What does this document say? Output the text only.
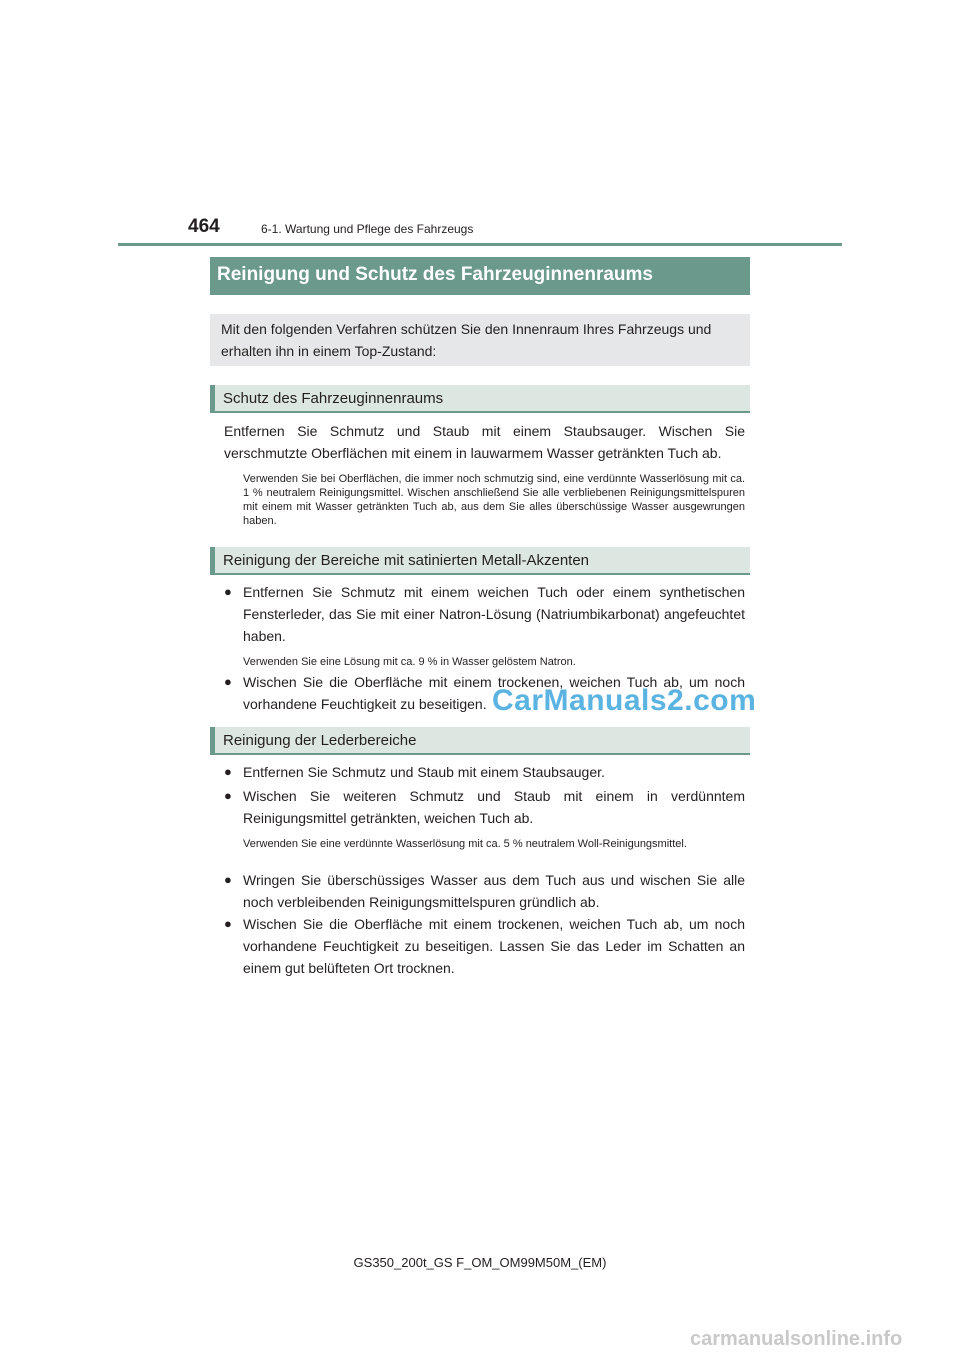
464	6-1. Wartung und Pflege des Fahrzeugs
Reinigung und Schutz des Fahrzeuginnenraums
Mit den folgenden Verfahren schützen Sie den Innenraum Ihres Fahrzeugs und erhalten ihn in einem Top-Zustand:
Schutz des Fahrzeuginnenraums
Entfernen Sie Schmutz und Staub mit einem Staubsauger. Wischen Sie verschmutzte Oberflächen mit einem in lauwarmem Wasser getränkten Tuch ab.
Verwenden Sie bei Oberflächen, die immer noch schmutzig sind, eine verdünnte Wasserlösung mit ca. 1 % neutralem Reinigungsmittel. Wischen anschließend Sie alle verbliebenen Reinigungsmittelspuren mit einem mit Wasser getränkten Tuch ab, aus dem Sie alles überschüssige Wasser ausgewrungen haben.
Reinigung der Bereiche mit satinierten Metall-Akzenten
● Entfernen Sie Schmutz mit einem weichen Tuch oder einem synthetischen Fensterleder, das Sie mit einer Natron-Lösung (Natriumbikarbonat) angefeuchtet haben.
Verwenden Sie eine Lösung mit ca. 9 % in Wasser gelöstem Natron.
● Wischen Sie die Oberfläche mit einem trockenen, weichen Tuch ab, um noch vorhandene Feuchtigkeit zu beseitigen.
Reinigung der Lederbereiche
● Entfernen Sie Schmutz und Staub mit einem Staubsauger.
● Wischen Sie weiteren Schmutz und Staub mit einem in verdünntem Reinigungsmittel getränkten, weichen Tuch ab.
Verwenden Sie eine verdünnte Wasserlösung mit ca. 5 % neutralem Woll-Reinigungsmittel.
● Wringen Sie überschüssiges Wasser aus dem Tuch aus und wischen Sie alle noch verbleibenden Reinigungsmittelspuren gründlich ab.
● Wischen Sie die Oberfläche mit einem trockenen, weichen Tuch ab, um noch vorhandene Feuchtigkeit zu beseitigen. Lassen Sie das Leder im Schatten an einem gut belüfteten Ort trocknen.
CarManuals2.com
GS350_200t_GS F_OM_OM99M50M_(EM)
carmanualsonline.info
